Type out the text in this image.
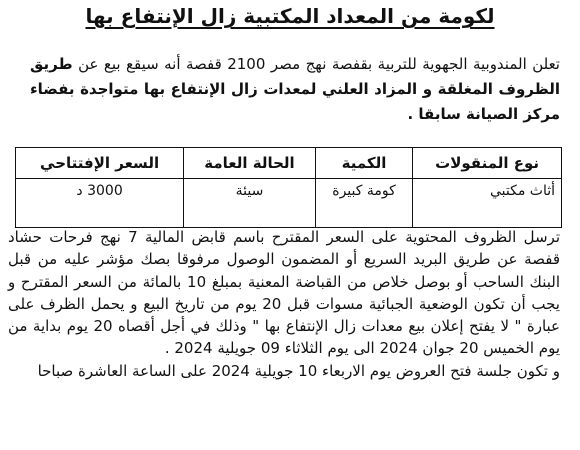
لكومة من المعداد المكتبية زال الإنتفاع بها
تعلن المندوبية الجهوية للتربية بقفصة نهج مصر 2100 قفصة أنه سيقع بيع عن طريق الظروف المغلقة و المزاد العلني لمعدات زال الإنتفاع بها متواجدة بفضاء مركز الصيانة سابقا .
نوع المنقولات	الكمية	الحالة العامة	السعر الإفتتاحي
أثاث مكتبي	كومة كبيرة	سيئة	3000 د

ترسل الظروف المحتوية على السعر المقترح باسم قابض المالية 7 نهج فرحات حشاد قفصة عن طريق البريد السريع أو المضمون الوصول مرفوقا بصك مؤشر عليه من قبل البنك الساحب أو بوصل خلاص من القباضة المعنية بمبلغ 10 بالمائة من السعر المقترح و يجب أن تكون الوضعية الجبائية مسوات قبل 20 يوم من تاريخ البيع و يحمل الظرف على عبارة " لا يفتح إعلان بيع معدات زال الإنتفاع بها " وذلك في أجل أقصاه 20 يوم بداية من يوم الخميس 20 جوان 2024 الى يوم الثلاثاء 09 جويلية 2024 .

و تكون جلسة فتح العروض يوم الاربعاء 10 جويلية 2024 على الساعة العاشرة صباحا
